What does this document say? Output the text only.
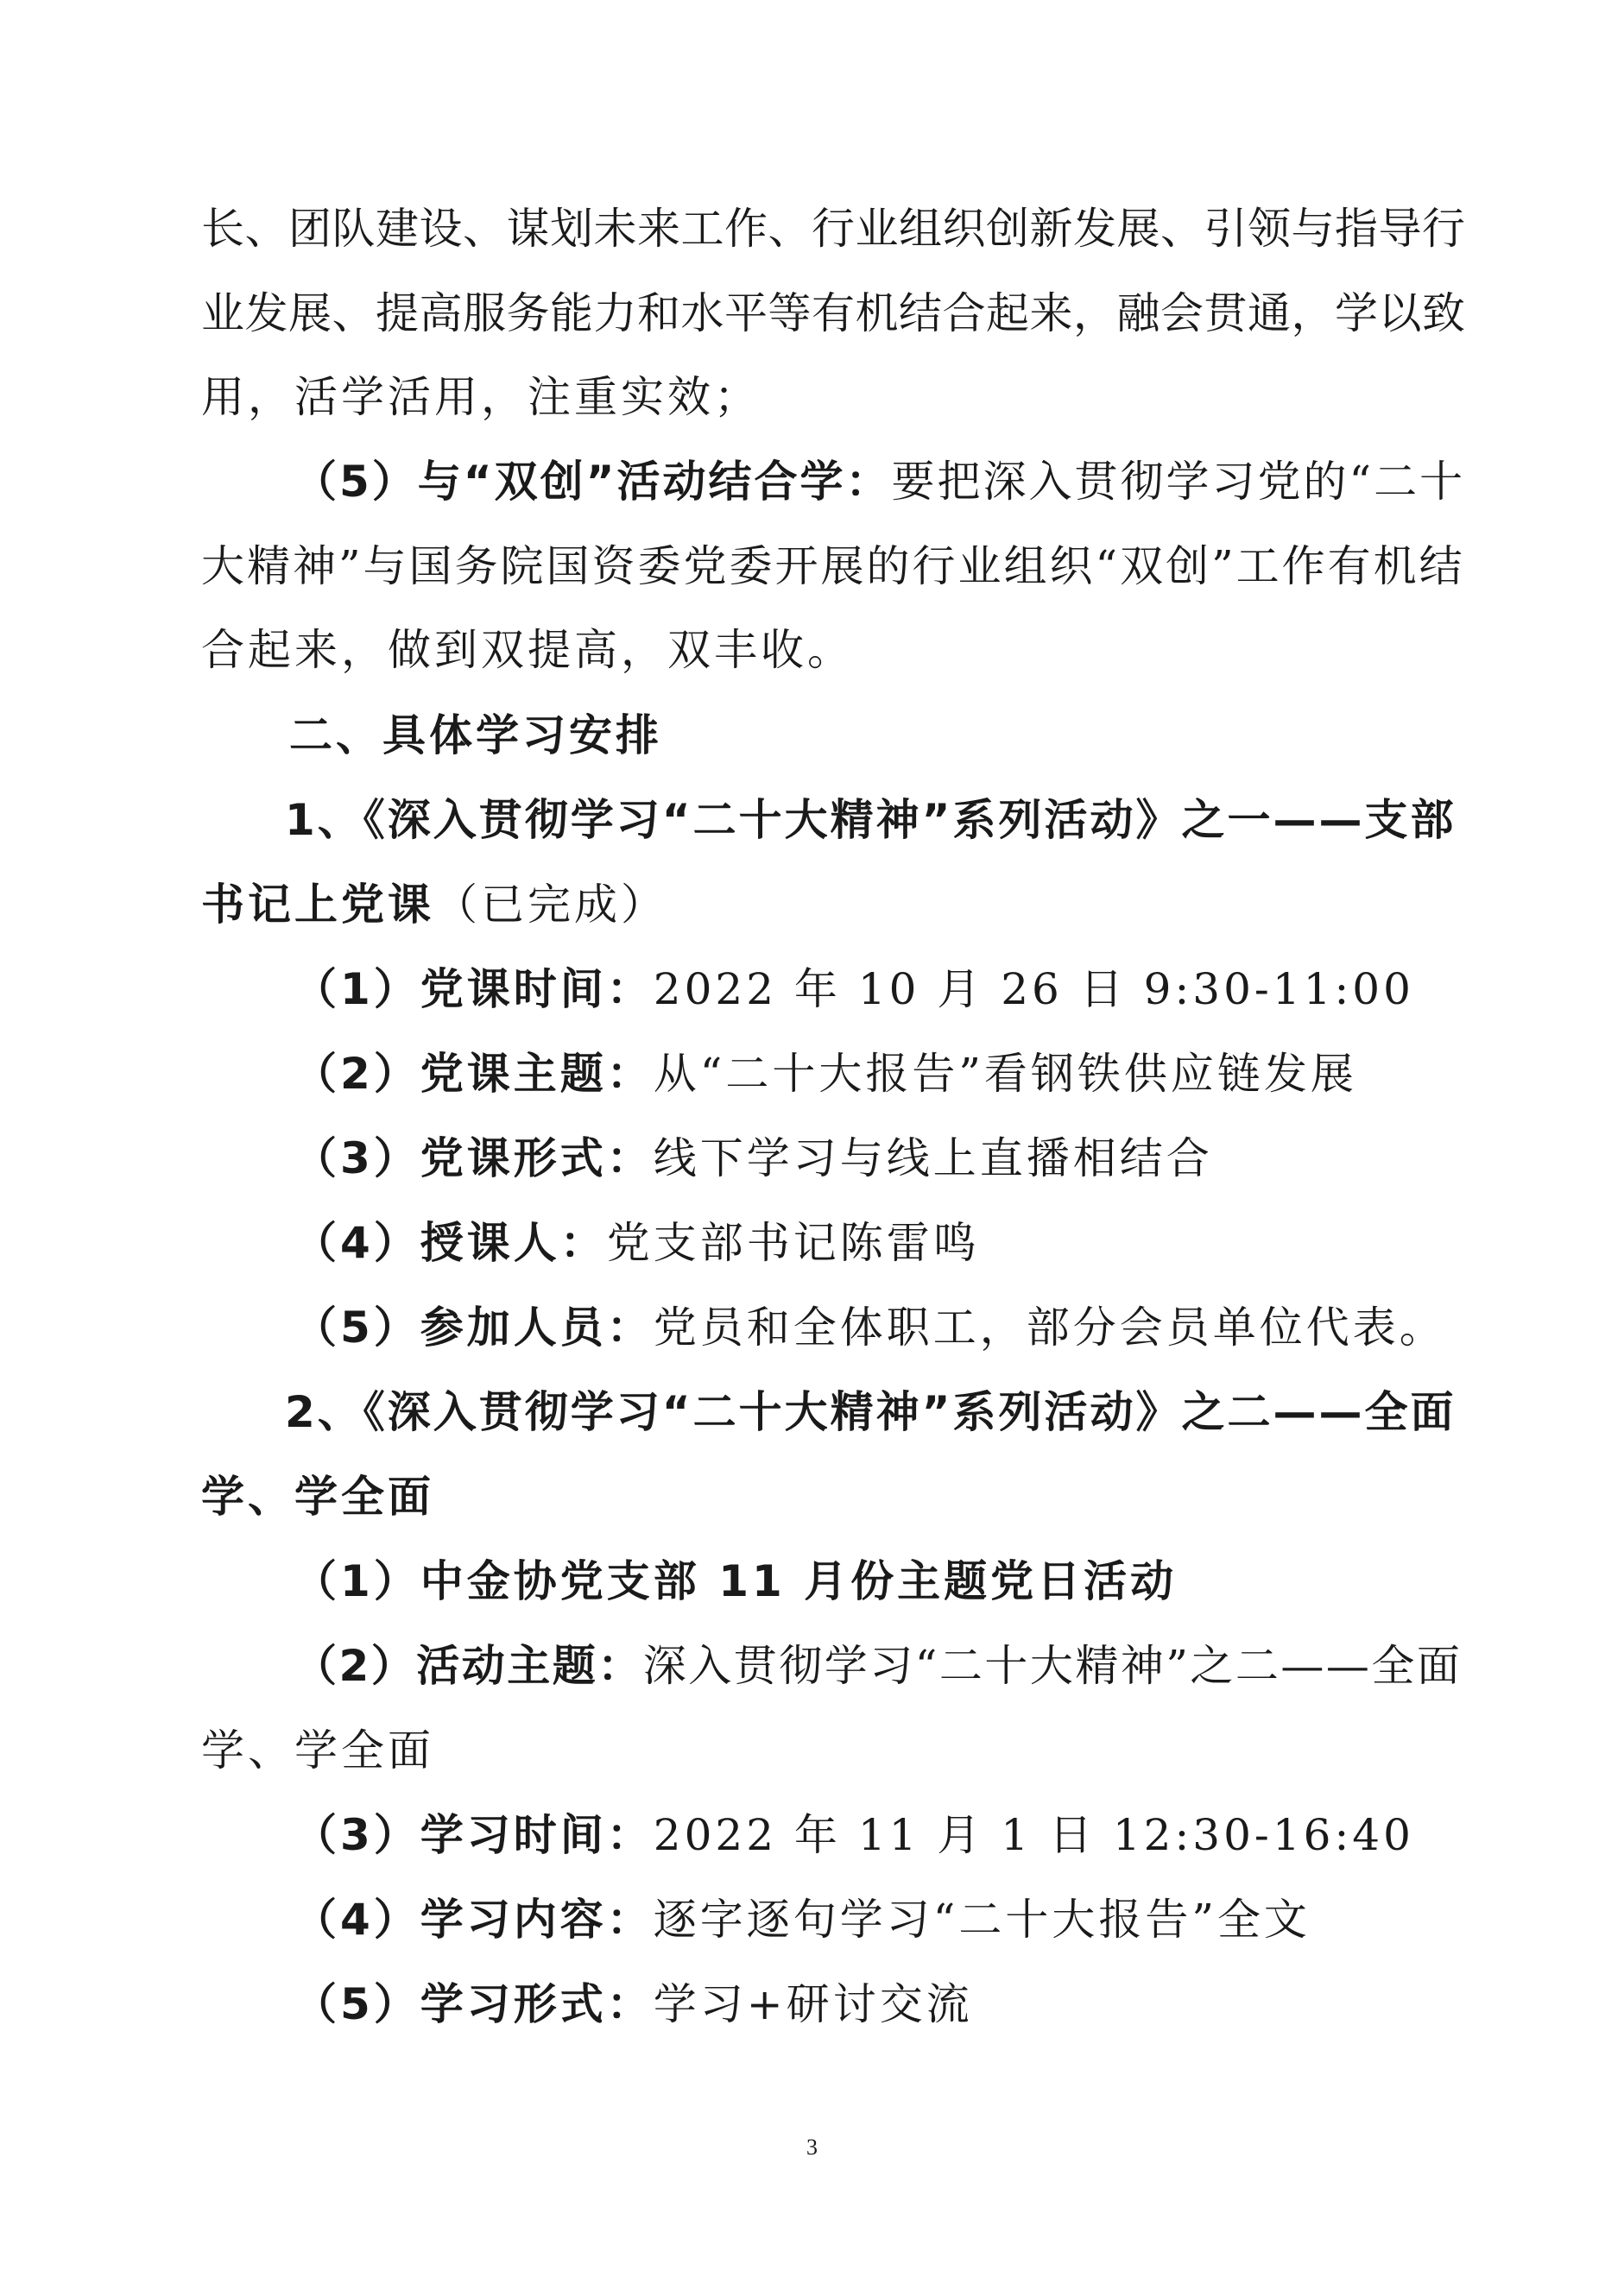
长、团队建设、谋划未来工作、行业组织创新发展、引领与指导行
业发展、提高服务能力和水平等有机结合起来，融会贯通，学以致
用，活学活用，注重实效；
（5）与“双创”活动结合学：要把深入贯彻学习党的“二十
大精神”与国务院国资委党委开展的行业组织“双创”工作有机结
合起来，做到双提高，双丰收。
二、具体学习安排
1、《深入贯彻学习“二十大精神”系列活动》之一——支部
书记上党课（已完成）
（1）党课时间：2022 年 10 月 26 日 9:30-11:00
（2）党课主题：从“二十大报告”看钢铁供应链发展
（3）党课形式：线下学习与线上直播相结合
（4）授课人：党支部书记陈雷鸣
（5）参加人员：党员和全体职工，部分会员单位代表。
2、《深入贯彻学习“二十大精神”系列活动》之二——全面
学、学全面
（1）中金协党支部 11 月份主题党日活动
（2）活动主题：深入贯彻学习“二十大精神”之二——全面
学、学全面
（3）学习时间：2022 年 11 月 1 日 12:30-16:40
（4）学习内容：逐字逐句学习“二十大报告”全文
（5）学习形式：学习+研讨交流
3
